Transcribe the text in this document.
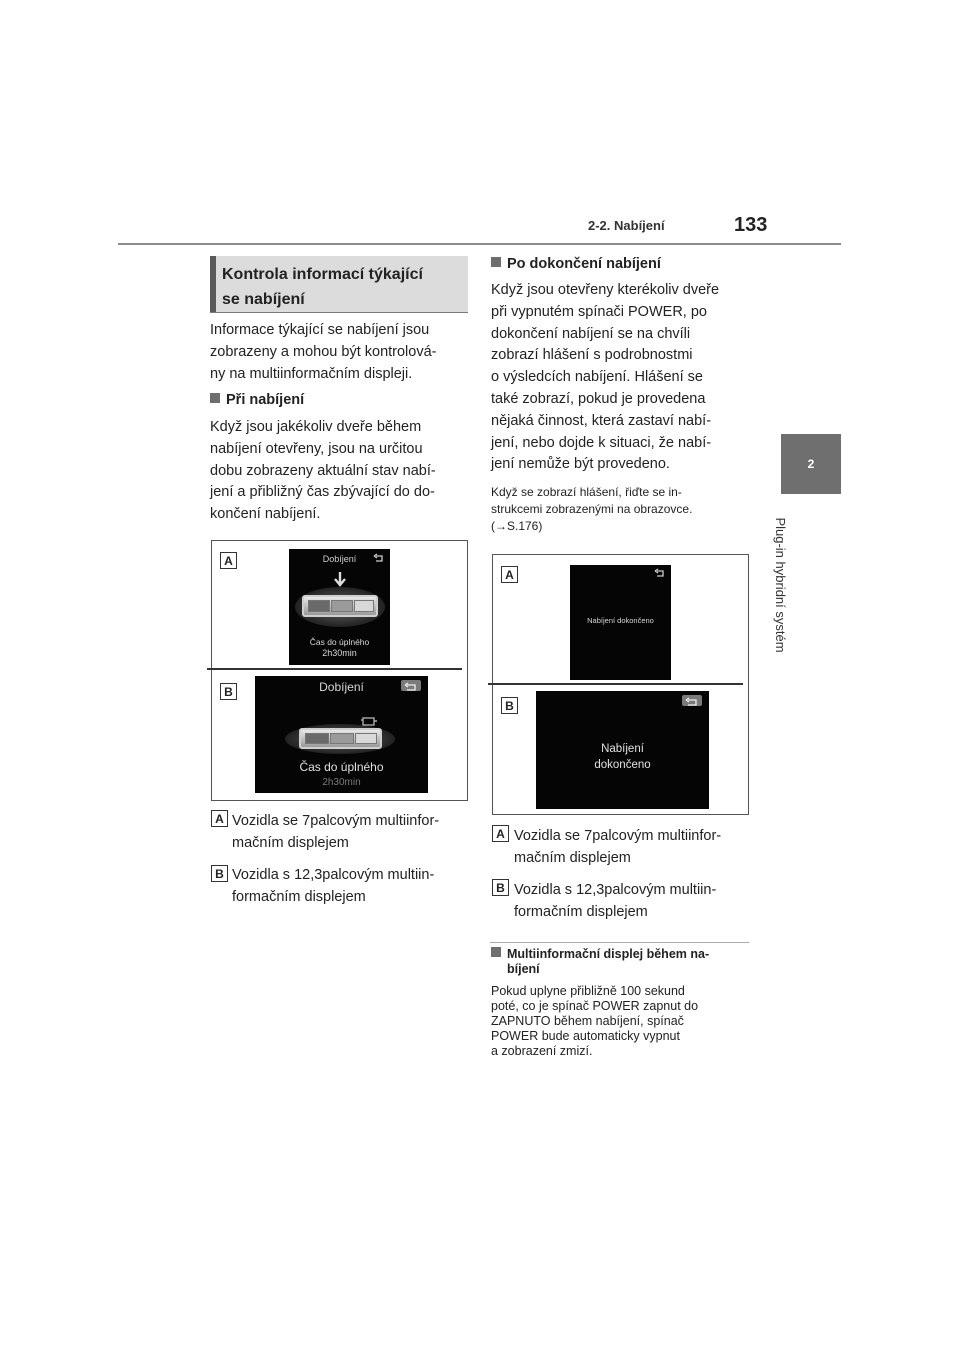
2-2. Nabíjení	133
2
Plug-in hybridní systém
Kontrola informací týkající
se nabíjení
Informace týkající se nabíjení jsou
zobrazeny a mohou být kontrolová-
ny na multiinformačním displeji.
Při nabíjení
Když jsou jakékoliv dveře během
nabíjení otevřeny, jsou na určitou
dobu zobrazeny aktuální stav nabí-
jení a přibližný čas zbývající do do-
končení nabíjení.
A	Dobíjení
Čas do úplného
2h30min
B	Dobíjení
Čas do úplného
2h30min
A Vozidla se 7palcovým multiinfor-
mačním displejem
B Vozidla s 12,3palcovým multiin-
formačním displejem
Po dokončení nabíjení
Když jsou otevřeny kterékoliv dveře
při vypnutém spínači POWER, po
dokončení nabíjení se na chvíli
zobrazí hlášení s podrobnostmi
o výsledcích nabíjení. Hlášení se
také zobrazí, pokud je provedena
nějaká činnost, která zastaví nabí-
jení, nebo dojde k situaci, že nabí-
jení nemůže být provedeno.
Když se zobrazí hlášení, řiďte se in-
strukcemi zobrazenými na obrazovce.
(→S.176)
A
Nabíjení dokončeno
B
Nabíjení
dokončeno
A Vozidla se 7palcovým multiinfor-
mačním displejem
B Vozidla s 12,3palcovým multiin-
formačním displejem
Multiinformační displej během na-
bíjení
Pokud uplyne přibližně 100 sekund
poté, co je spínač POWER zapnut do
ZAPNUTO během nabíjení, spínač
POWER bude automaticky vypnut
a zobrazení zmizí.
